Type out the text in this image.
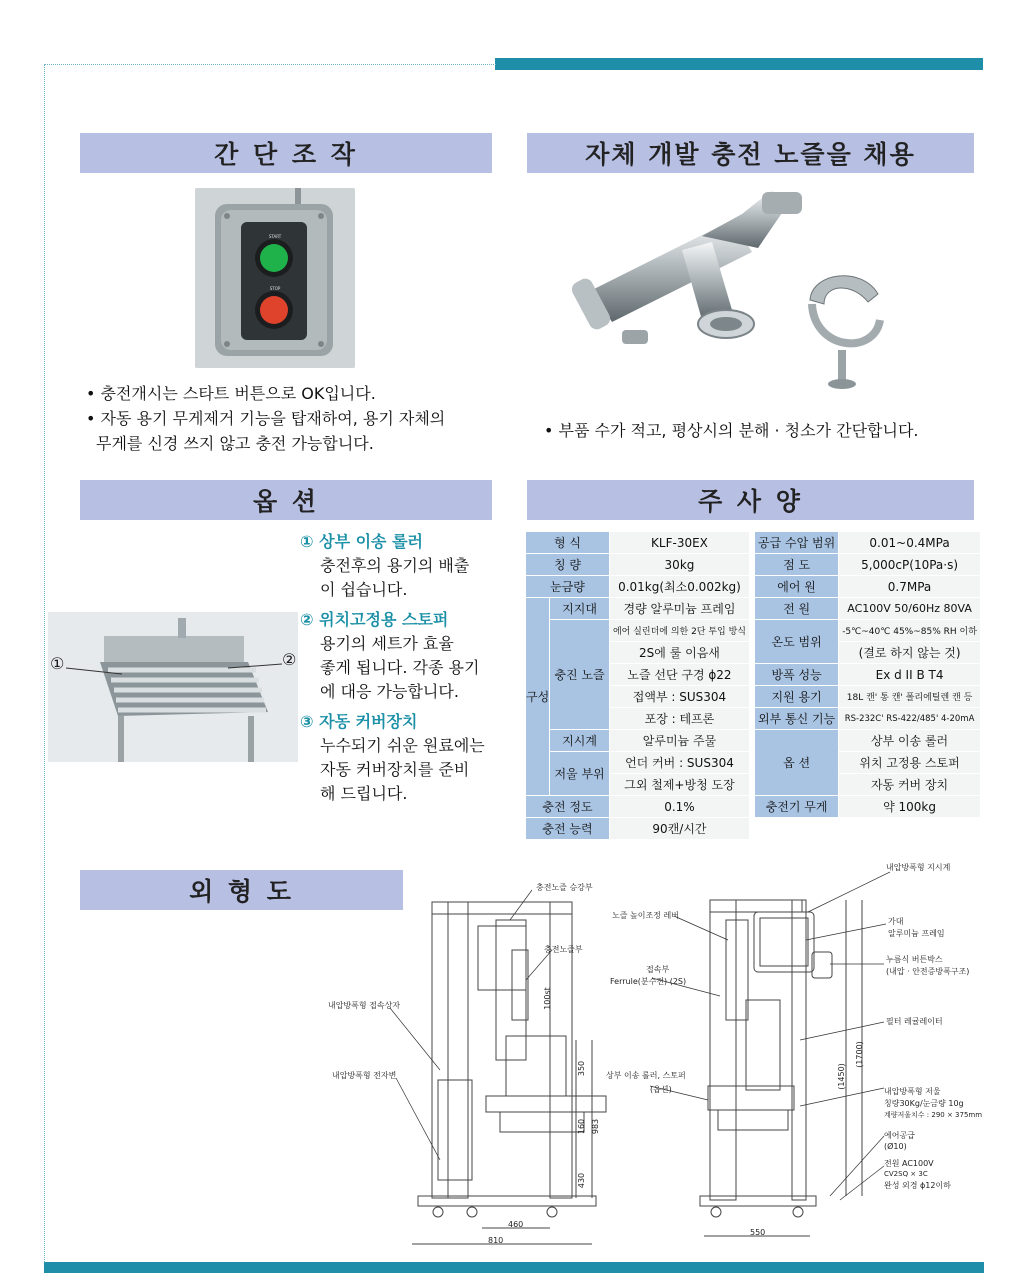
간 단 조 작
START
STOP
• 충전개시는 스타트 버튼으로 OK입니다.
• 자동 용기 무게제거 기능을 탑재하여, 용기 자체의
무게를 신경 쓰지 않고 충전 가능합니다.
자체 개발 충전 노즐을 채용
• 부품 수가 적고, 평상시의 분해 · 청소가 간단합니다.
옵 션
①	②
① 상부 이송 롤러
충전후의 용기의 배출
이 쉽습니다.
② 위치고정용 스토퍼
용기의 세트가 효율
좋게 됩니다. 각종 용기
에 대응 가능합니다.
③ 자동 커버장치
누수되기 쉬운 원료에는
자동 커버장치를 준비
해 드립니다.
주 사 양
형 식		KLF-30EX
칭 량		30kg
눈금량		0.01kg(최소0.002kg)
구성	지지대	경량 알루미늄 프레임
	충진 노즐	에어 실린더에 의한 2단 투입 방식
		2S에 룰 이음새
		노즐 선단 구경 ϕ22
		접액부 : SUS304
		포장 : 테프론
	지시계	알루미늄 주물
	저울 부위	언더 커버 : SUS304
		그외 철제+방청 도장
충전 정도		0.1%
충전 능력		90캔/시간
공급 수압 범위	0.01~0.4MPa
점 도	5,000cP(10Pa·s)
에어 원	0.7MPa
전 원	AC100V 50/60Hz 80VA
온도 범위	-5℃~40℃ 45%~85% RH 이하
	(결로 하지 않는 것)
방폭 성능	Ex d II B T4
지원 용기	18L 캔' 통 캔' 폴리에틸렌 캔 등
외부 통신 기능	RS-232C' RS-422/485' 4-20mA
옵 션	상부 이송 롤러
	위치 고정용 스토퍼
	자동 커버 장치
충전기 무게	약 100kg
외 형 도	충전노즐 승강부
충전노즐부
내압방폭형 접속상자
내압방폭형 전자변
노즐 높이조정 레버
접속부
Ferrule(분수전) (2S)
상부 이송 롤러, 스토퍼
(옵션)
내압방폭형 지시계
가대
알루미늄 프레임
누름식 버튼박스
(내압 · 안전증방폭구조)
필터 레귤레이터
내압방폭형 저울
칭량30Kg/눈금량 10g
계량저울치수 : 290 × 375mm
에어공급
(Ø10)
전원 AC100V
CV2SQ × 3C
완성 외경 ϕ12이하
100st
350
160 983
430
460
810
550
(1450)
(1700)
